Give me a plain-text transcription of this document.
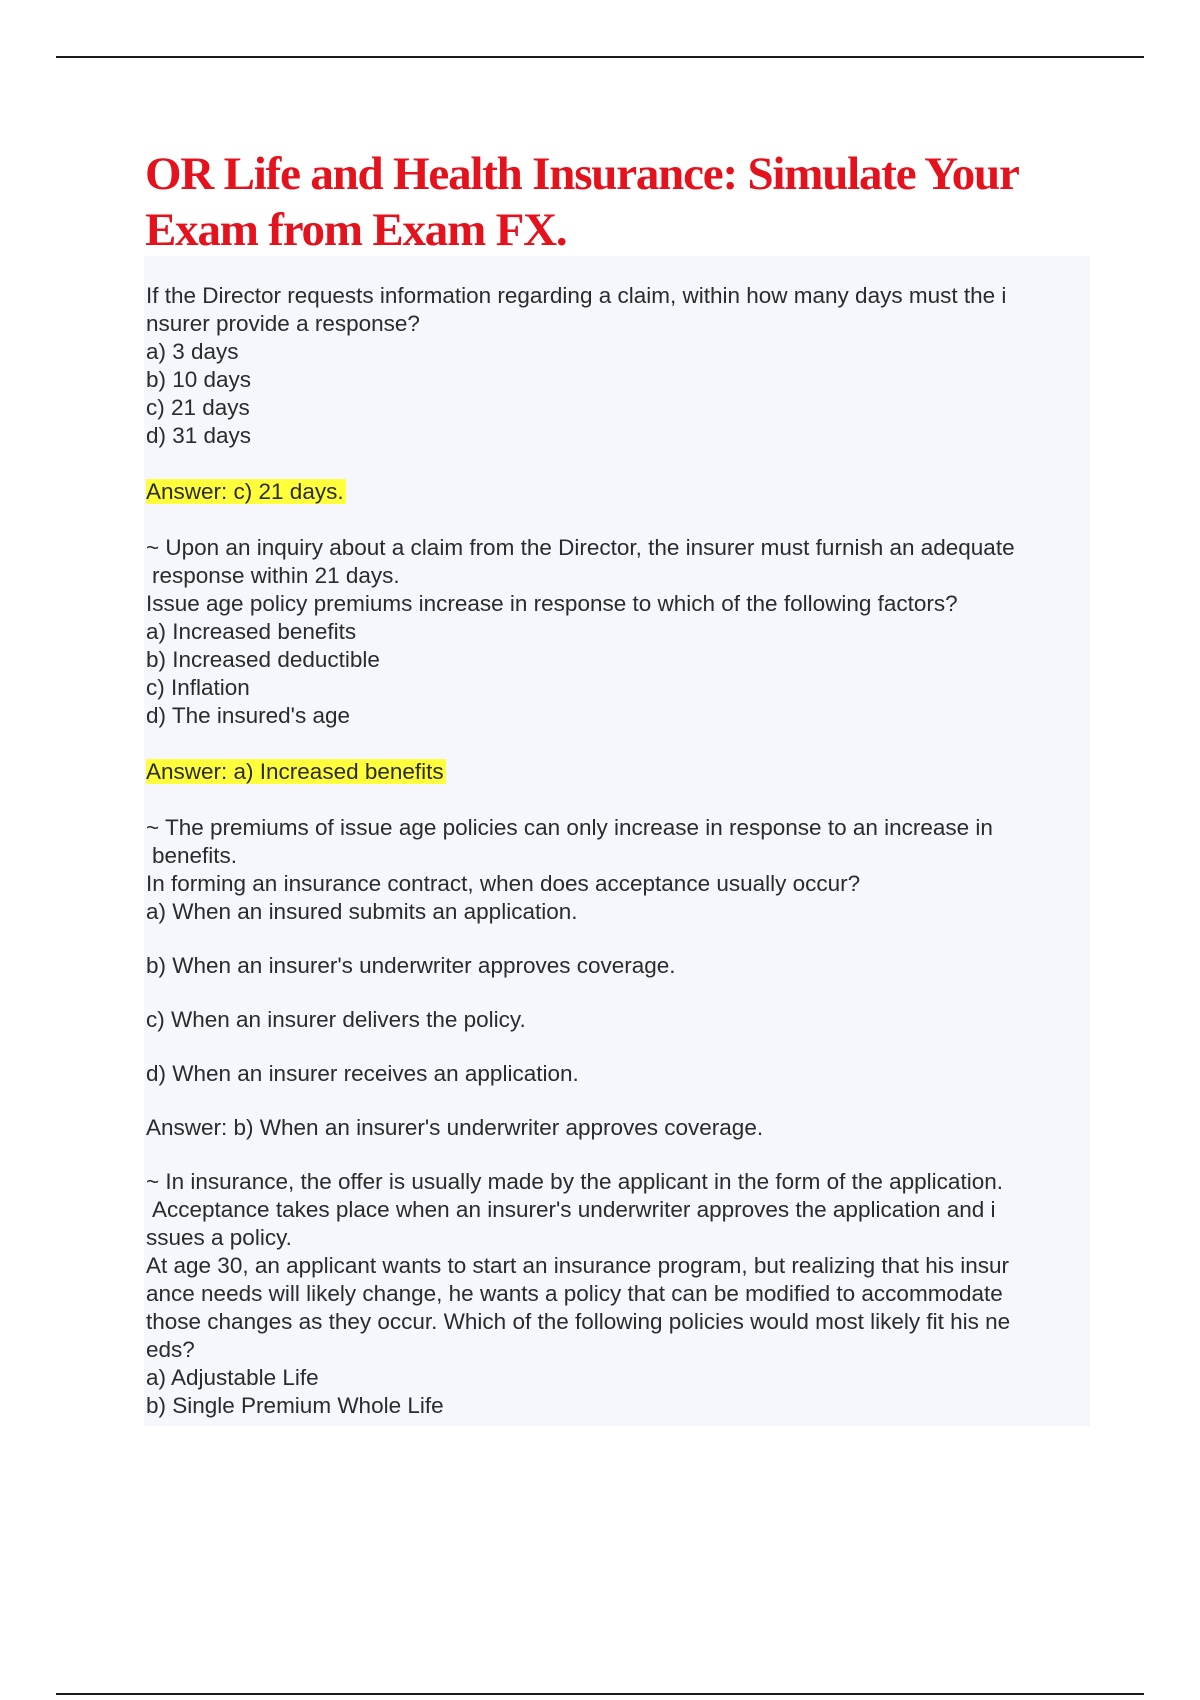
OR Life and Health Insurance: Simulate Your Exam from Exam FX.
If the Director requests information regarding a claim, within how many days must the i
nsurer provide a response?
a) 3 days
b) 10 days
c) 21 days
d) 31 days
Answer: c) 21 days.
~ Upon an inquiry about a claim from the Director, the insurer must furnish an adequate
response within 21 days.
Issue age policy premiums increase in response to which of the following factors?
a) Increased benefits
b) Increased deductible
c) Inflation
d) The insured's age
Answer: a) Increased benefits
~ The premiums of issue age policies can only increase in response to an increase in
benefits.
In forming an insurance contract, when does acceptance usually occur?
a) When an insured submits an application.
b) When an insurer's underwriter approves coverage.
c) When an insurer delivers the policy.
d) When an insurer receives an application.
Answer: b) When an insurer's underwriter approves coverage.
~ In insurance, the offer is usually made by the applicant in the form of the application.
Acceptance takes place when an insurer's underwriter approves the application and i
ssues a policy.
At age 30, an applicant wants to start an insurance program, but realizing that his insur
ance needs will likely change, he wants a policy that can be modified to accommodate
those changes as they occur. Which of the following policies would most likely fit his ne
eds?
a) Adjustable Life
b) Single Premium Whole Life
